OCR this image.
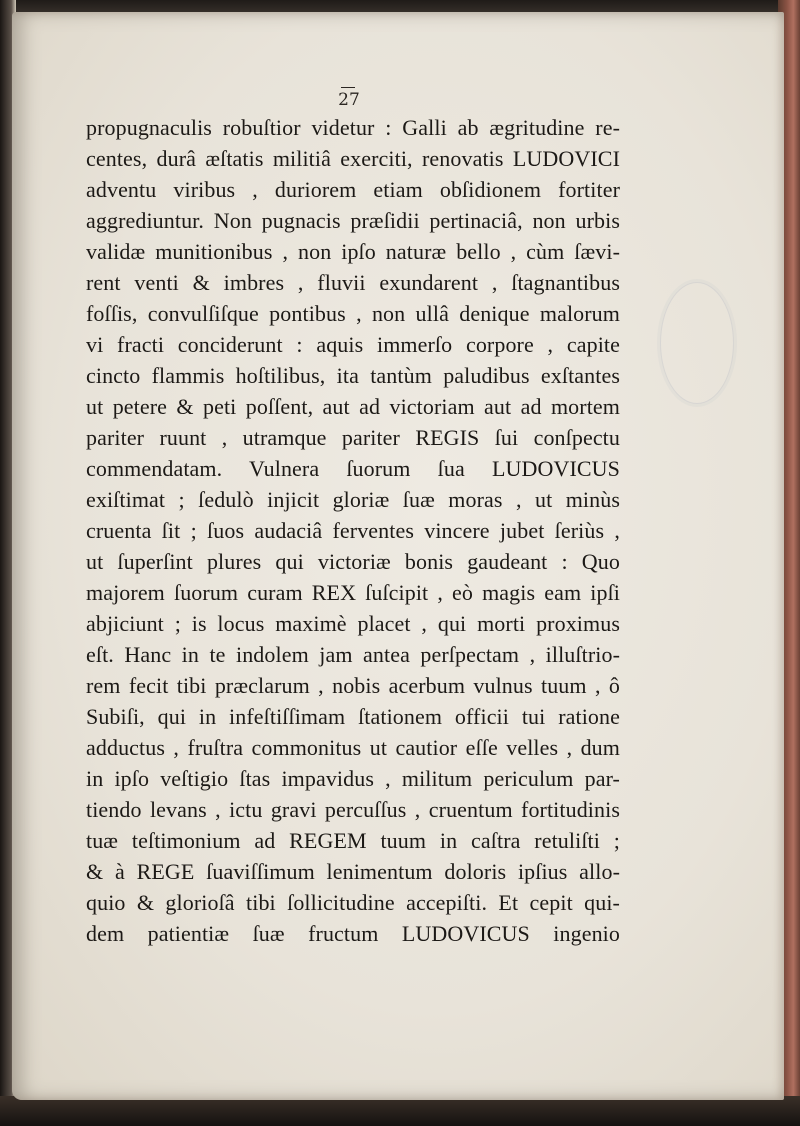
27
propugnaculis robuſtior videtur : Galli ab ægritudine re-
centes, durâ æſtatis militiâ exerciti, renovatis LUDOVICI
adventu viribus , duriorem etiam obſidionem fortiter
aggrediuntur. Non pugnacis præſidii pertinaciâ, non urbis
validæ munitionibus , non ipſo naturæ bello , cùm ſævi-
rent venti & imbres , fluvii exundarent , ſtagnantibus
foſſis, convulſiſque pontibus , non ullâ denique malorum
vi fracti conciderunt : aquis immerſo corpore , capite
cincto flammis hoſtilibus, ita tantùm paludibus exſtantes
ut petere & peti poſſent, aut ad victoriam aut ad mortem
pariter ruunt , utramque pariter REGIS ſui conſpectu
commendatam. Vulnera ſuorum ſua LUDOVICUS
exiſtimat ; ſedulò injicit gloriæ ſuæ moras , ut minùs
cruenta ſit ; ſuos audaciâ ferventes vincere jubet ſeriùs ,
ut ſuperſint plures qui victoriæ bonis gaudeant : Quo
majorem ſuorum curam REX ſuſcipit , eò magis eam ipſi
abjiciunt ; is locus maximè placet , qui morti proximus
eſt. Hanc in te indolem jam antea perſpectam , illuſtrio-
rem fecit tibi præclarum , nobis acerbum vulnus tuum , ô
Subiſi, qui in infeſtiſſimam ſtationem officii tui ratione
adductus , fruſtra commonitus ut cautior eſſe velles , dum
in ipſo veſtigio ſtas impavidus , militum periculum par-
tiendo levans , ictu gravi percuſſus , cruentum fortitudinis
tuæ teſtimonium ad REGEM tuum in caſtra retuliſti ;
& à REGE ſuaviſſimum lenimentum doloris ipſius allo-
quio & glorioſâ tibi ſollicitudine accepiſti. Et cepit qui-
dem patientiæ ſuæ fructum LUDOVICUS ingenio
